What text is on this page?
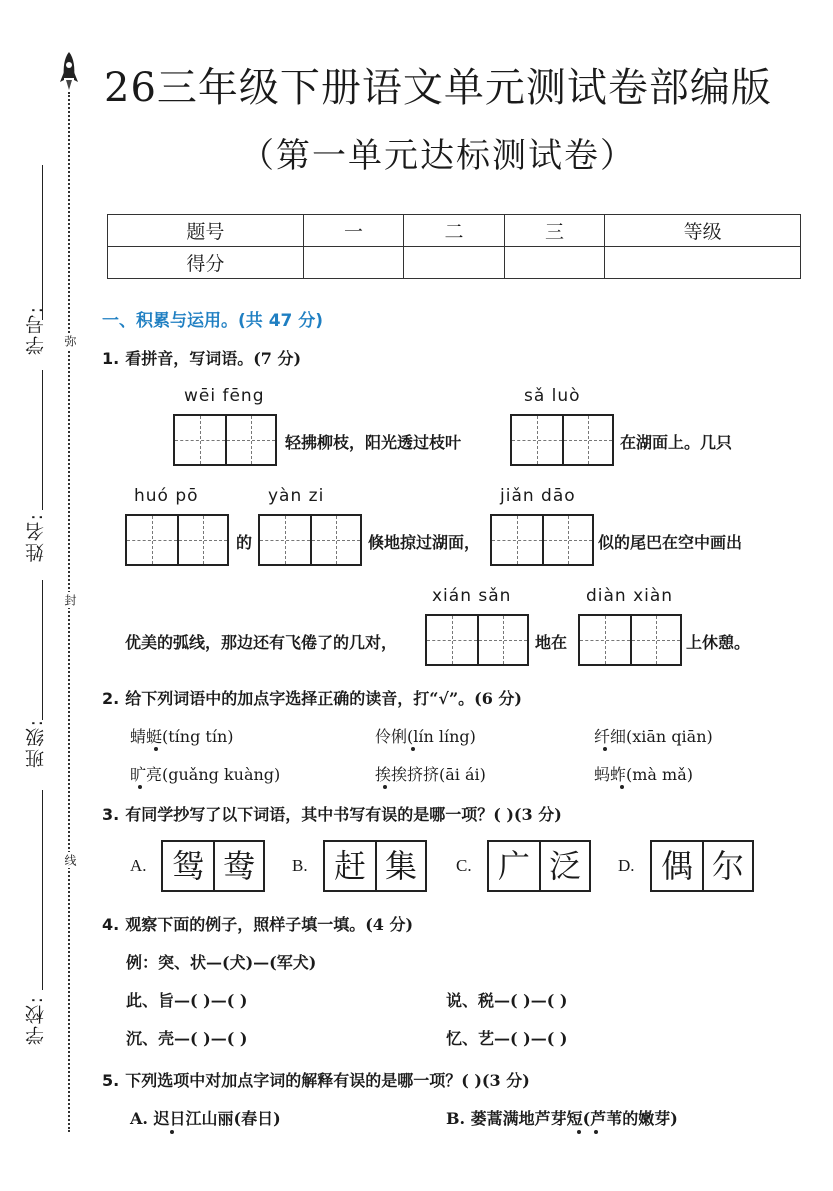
学号:
姓名:
班级:
学校:
弥
封
线
26三年级下册语文单元测试卷部编版
（第一单元达标测试卷）
题号	一	二	三	等级
得分				
一、积累与运用。(共 47 分)
1. 看拼音，写词语。(7 分)
wēi fēng	sǎ luò
轻拂柳枝，阳光透过枝叶	在湖面上。几只
huó pō	yàn zi	jiǎn dāo
的	倏地掠过湖面，	似的尾巴在空中画出
xián sǎn	diàn xiàn
优美的弧线，那边还有飞倦了的几对，	地在	上休憩。
2. 给下列词语中的加点字选择正确的读音，打“√”。(6 分)
蜻蜓(tíng tín)	伶俐(lín líng)	纤细(xiān qiān)
旷亮(guǎng kuàng)	挨挨挤挤(āi ái)	蚂蚱(mà mǎ)
3. 有同学抄写了以下词语，其中书写有误的是哪一项？( )(3 分)
A. 鸳 鸯	B. 赶 集	C. 广 泛	D. 偶 尔
4. 观察下面的例子，照样子填一填。(4 分)
例：突、状—(犬)—(军犬)
此、旨—( )—( )	说、税—( )—( )
沉、壳—( )—( )	忆、艺—( )—( )
5. 下列选项中对加点字词的解释有误的是哪一项？( )(3 分)
A. 迟日江山丽(春日)	B. 蒌蒿满地芦芽短(芦苇的嫩芽)
